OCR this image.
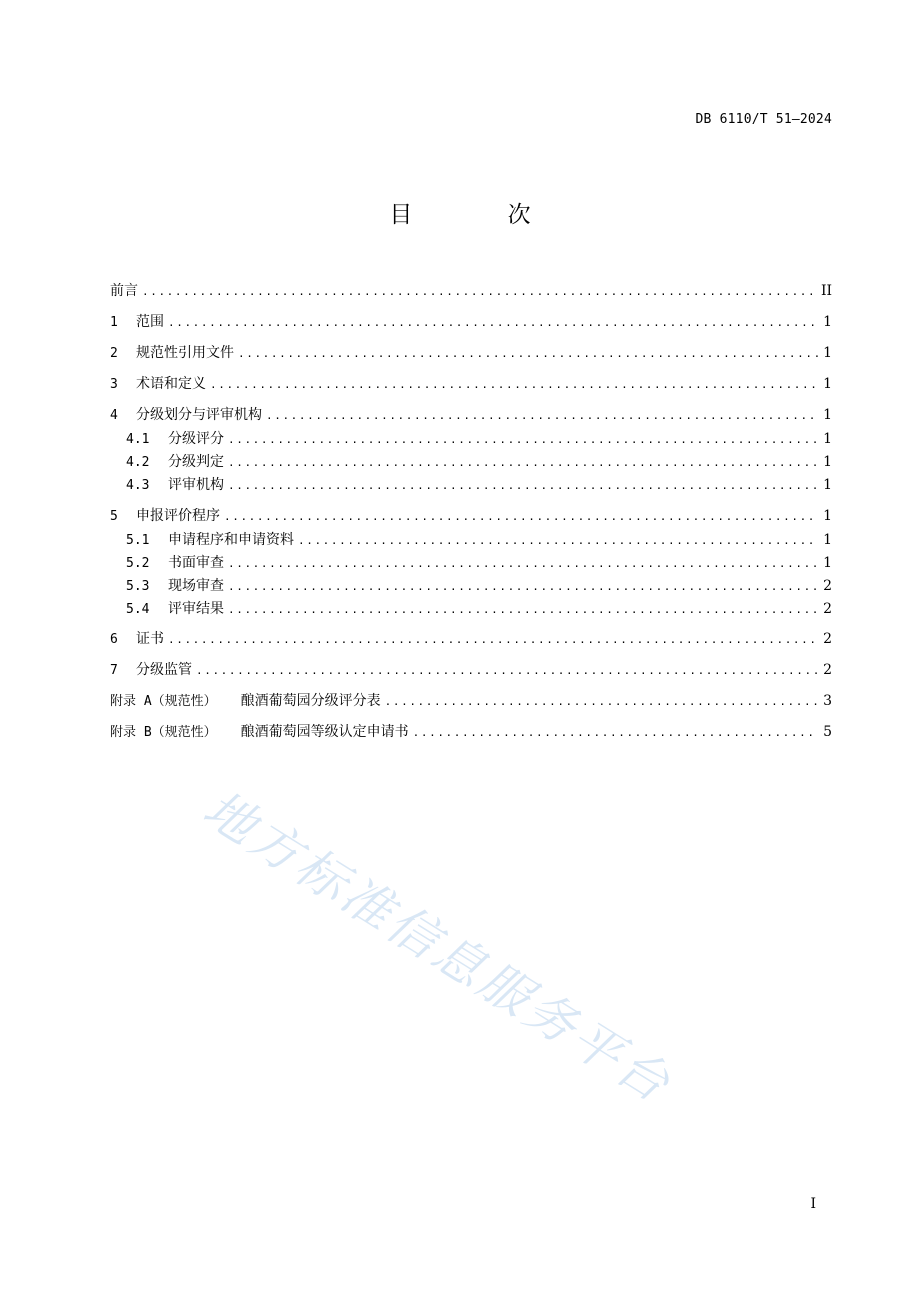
DB 6110/T 51—2024
目 次
前言 .....	II
1	范围 .....	1
2	规范性引用文件 .....	1
3	术语和定义 .....	1
4	分级划分与评审机构 .....	1
4.1	分级评分 .....	1
4.2	分级判定 .....	1
4.3	评审机构 .....	1
5	申报评价程序 .....	1
5.1	申请程序和申请资料 .....	1
5.2	书面审查 .....	1
5.3	现场审查 .....	2
5.4	评审结果 .....	2
6	证书 .....	2
7	分级监管 .....	2
附录 A（规范性） 酿酒葡萄园分级评分表 .....	3
附录 B（规范性） 酿酒葡萄园等级认定申请书 .....	5
地方标准信息服务平台
I
